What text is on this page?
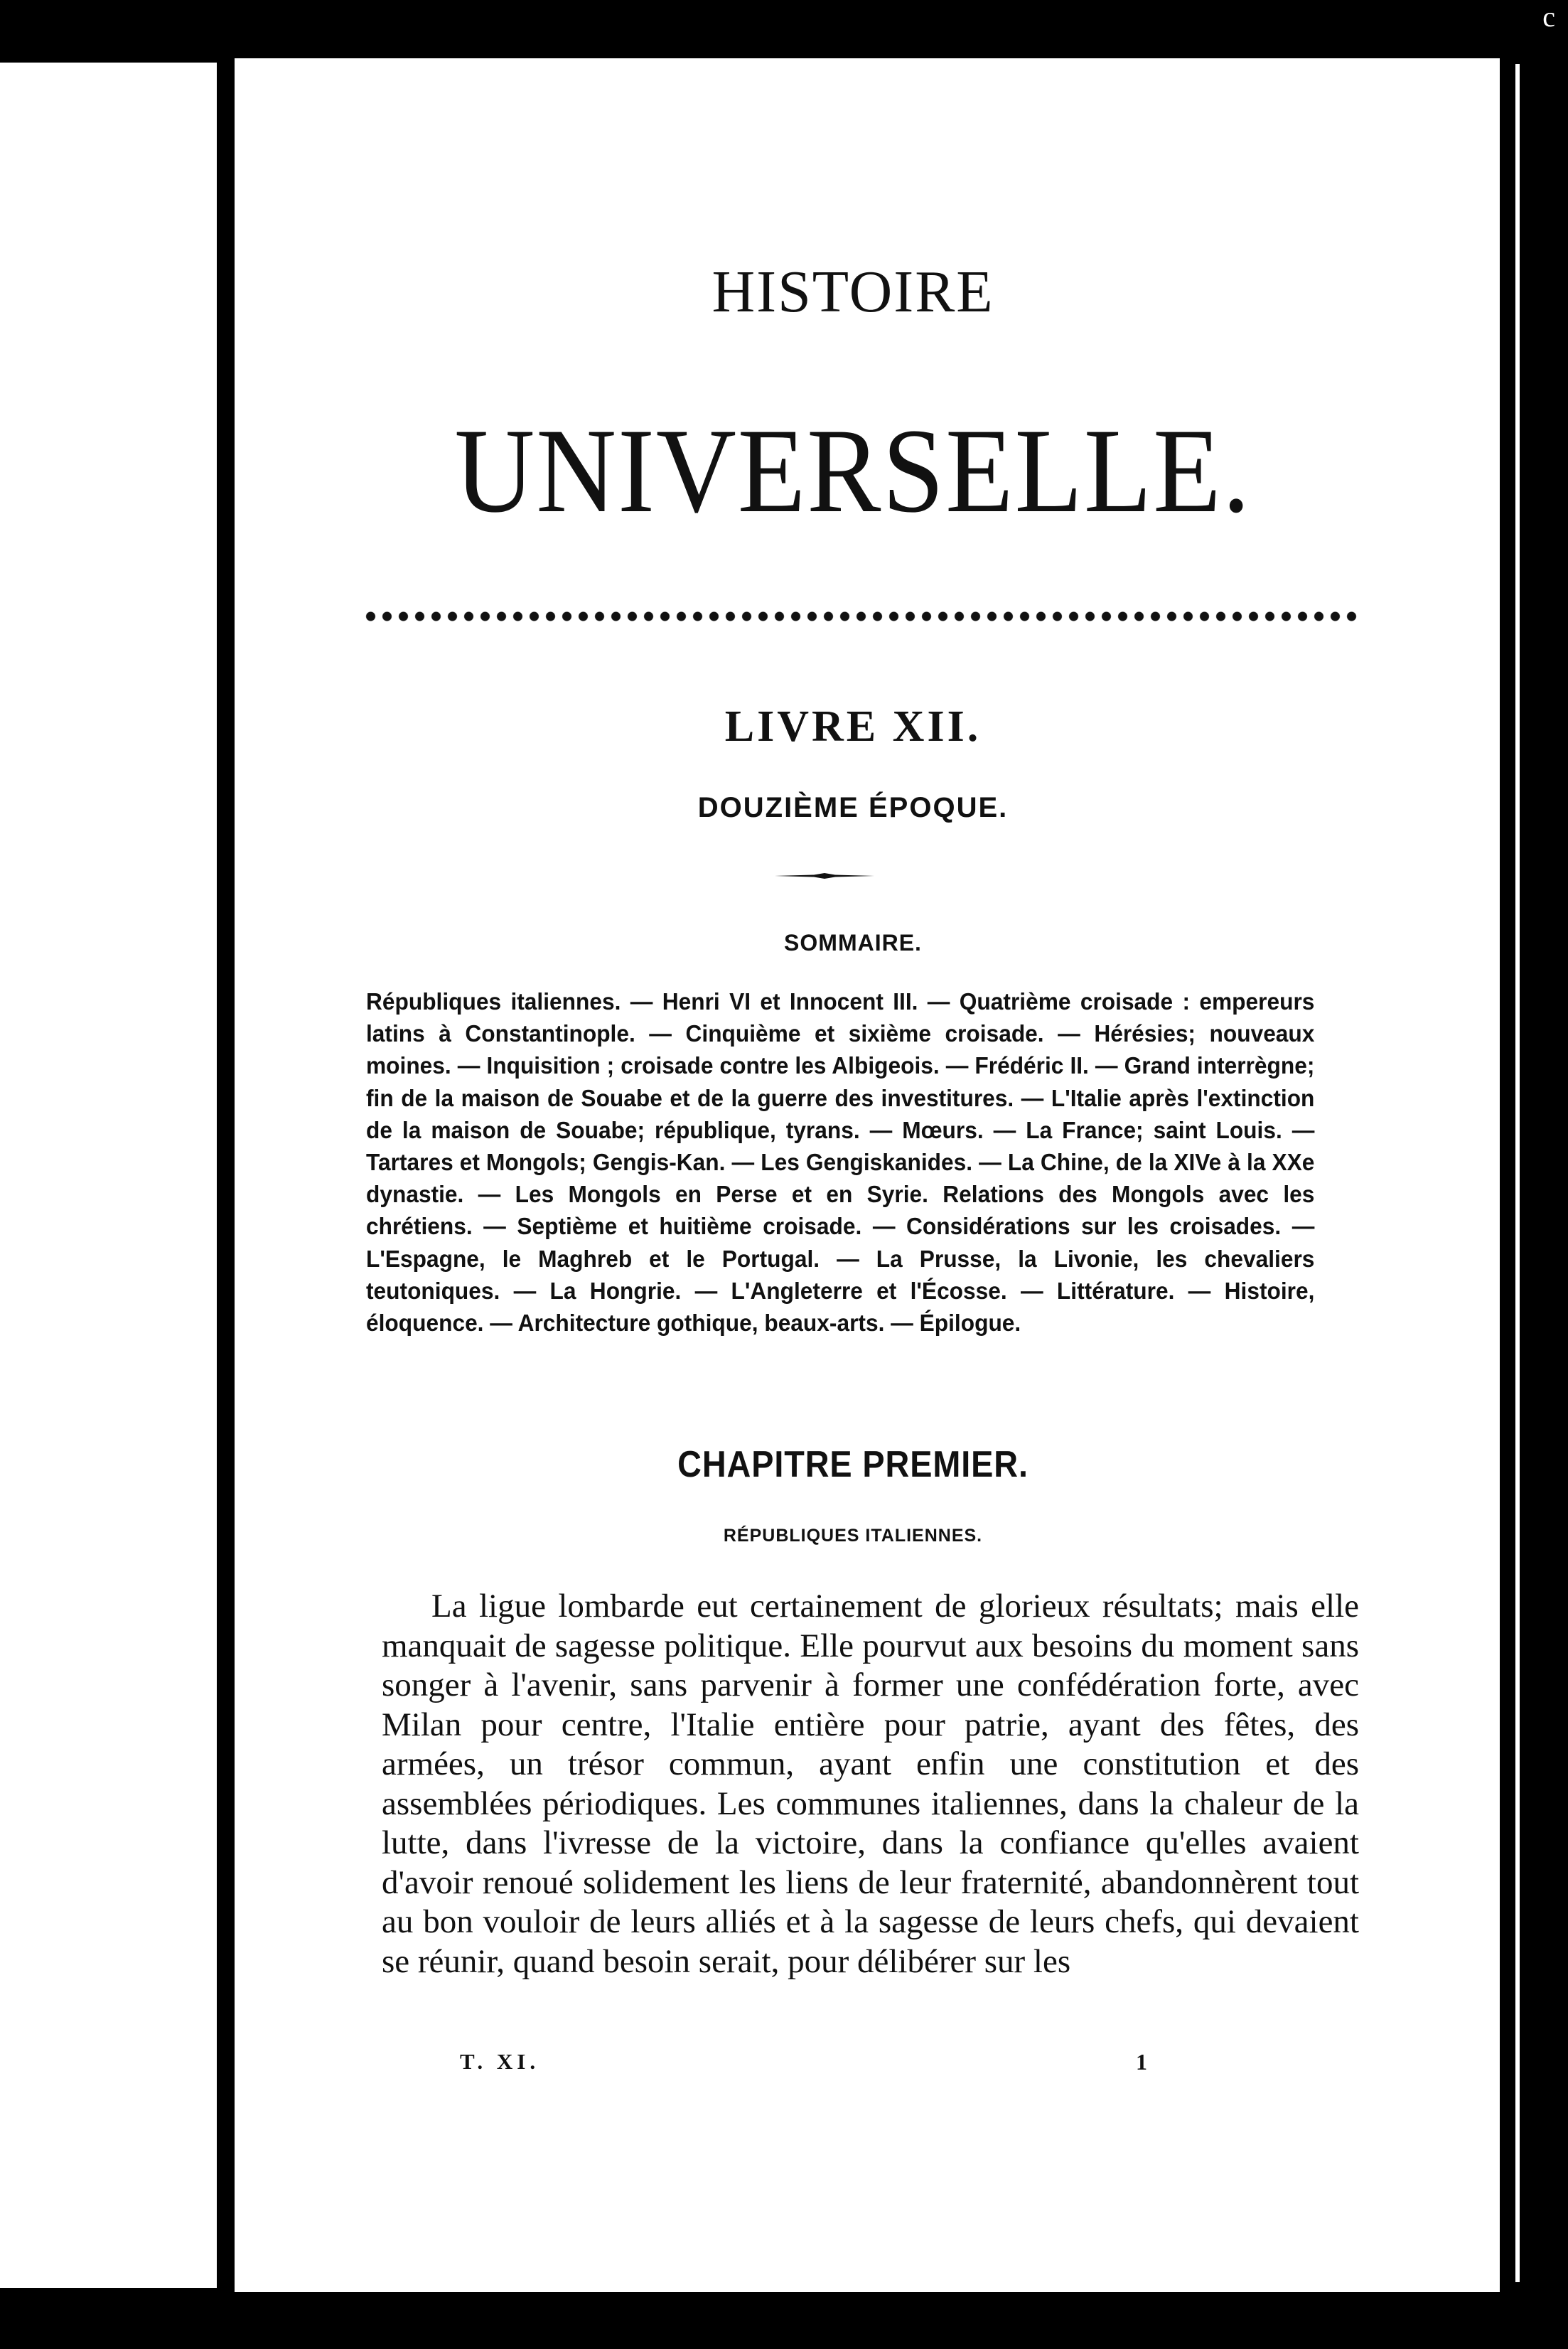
c
HISTOIRE
UNIVERSELLE.
LIVRE XII.
DOUZIÈME ÉPOQUE.
SOMMAIRE.
Républiques italiennes. — Henri VI et Innocent III. — Quatrième croisade : empereurs latins à Constantinople. — Cinquième et sixième croisade. — Hérésies; nouveaux moines. — Inquisition ; croisade contre les Albigeois. — Frédéric II. — Grand interrègne; fin de la maison de Souabe et de la guerre des investitures. — L'Italie après l'extinction de la maison de Souabe; république, tyrans. — Mœurs. — La France; saint Louis. — Tartares et Mongols; Gengis-Kan. — Les Gengiskanides. — La Chine, de la XIVe à la XXe dynastie. — Les Mongols en Perse et en Syrie. Relations des Mongols avec les chrétiens. — Septième et huitième croisade. — Considérations sur les croisades. — L'Espagne, le Maghreb et le Portugal. — La Prusse, la Livonie, les chevaliers teutoniques. — La Hongrie. — L'Angleterre et l'Écosse. — Littérature. — Histoire, éloquence. — Architecture gothique, beaux-arts. — Épilogue.
CHAPITRE PREMIER.
RÉPUBLIQUES ITALIENNES.
La ligue lombarde eut certainement de glorieux résultats; mais elle manquait de sagesse politique. Elle pourvut aux besoins du moment sans songer à l'avenir, sans parvenir à former une confédération forte, avec Milan pour centre, l'Italie entière pour patrie, ayant des fêtes, des armées, un trésor commun, ayant enfin une constitution et des assemblées périodiques. Les communes italiennes, dans la chaleur de la lutte, dans l'ivresse de la victoire, dans la confiance qu'elles avaient d'avoir renoué solidement les liens de leur fraternité, abandonnèrent tout au bon vouloir de leurs alliés et à la sagesse de leurs chefs, qui devaient se réunir, quand besoin serait, pour délibérer sur les
T. XI.	1
